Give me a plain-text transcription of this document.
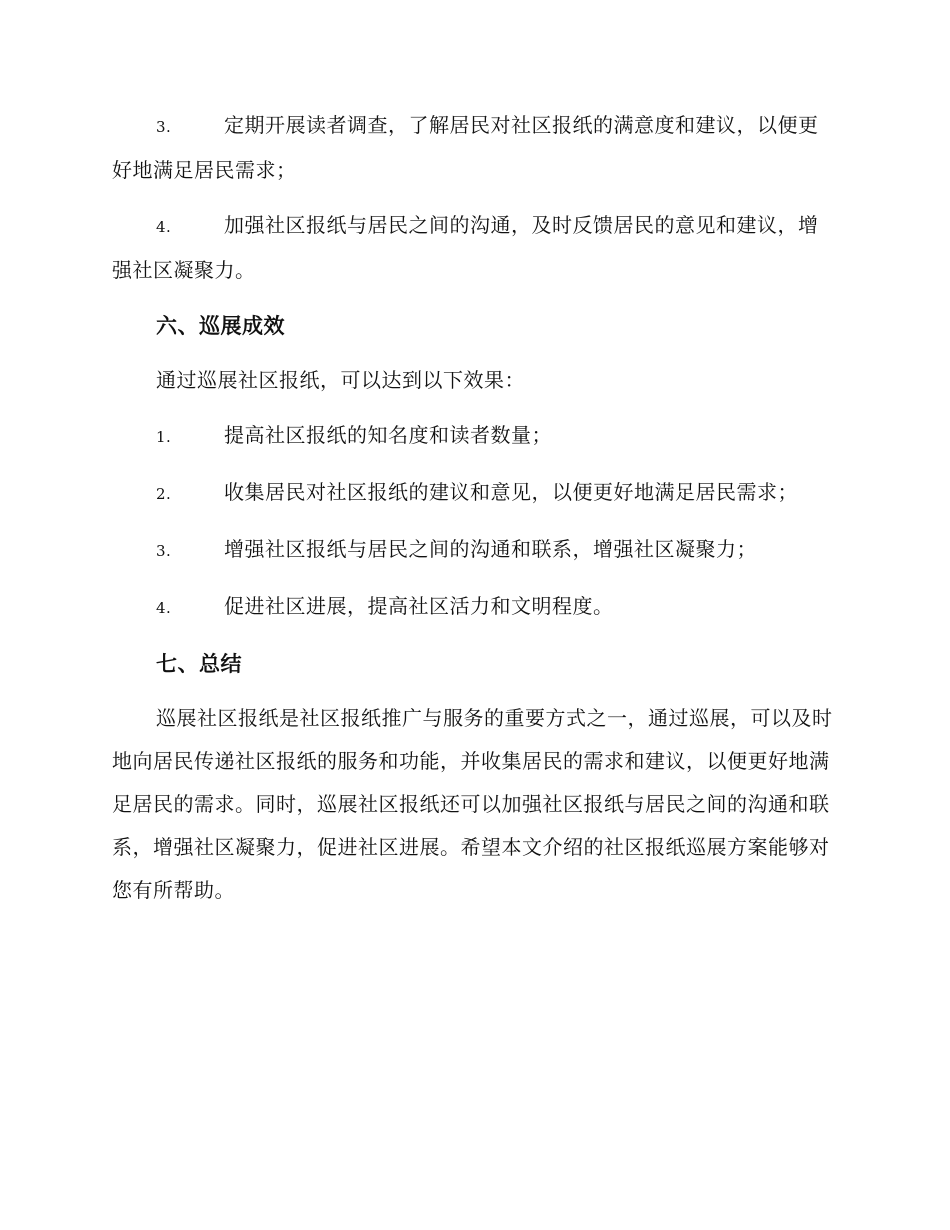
3.	定期开展读者调查，了解居民对社区报纸的满意度和建议，以便更好地满足居民需求；

4.	加强社区报纸与居民之间的沟通，及时反馈居民的意见和建议，增强社区凝聚力。

六、巡展成效

通过巡展社区报纸，可以达到以下效果：

1.	提高社区报纸的知名度和读者数量；

2.	收集居民对社区报纸的建议和意见，以便更好地满足居民需求；

3.	增强社区报纸与居民之间的沟通和联系，增强社区凝聚力；

4.	促进社区进展，提高社区活力和文明程度。

七、总结

巡展社区报纸是社区报纸推广与服务的重要方式之一，通过巡展，可以及时地向居民传递社区报纸的服务和功能，并收集居民的需求和建议，以便更好地满足居民的需求。同时，巡展社区报纸还可以加强社区报纸与居民之间的沟通和联系，增强社区凝聚力，促进社区进展。希望本文介绍的社区报纸巡展方案能够对您有所帮助。
